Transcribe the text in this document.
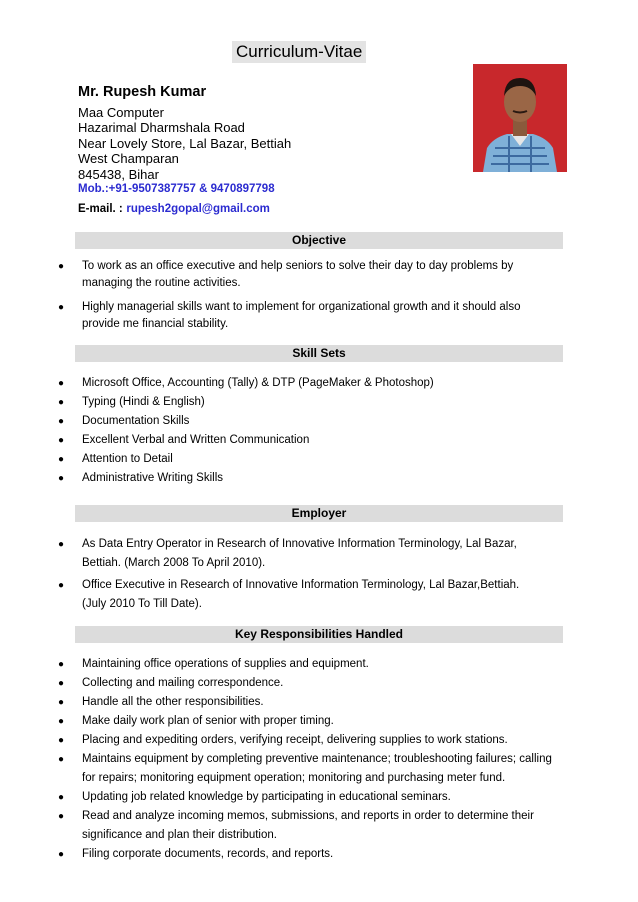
Curriculum-Vitae
Mr. Rupesh Kumar
Maa Computer
Hazarimal Dharmshala Road
Near Lovely Store, Lal Bazar, Bettiah
West Champaran
845438, Bihar
Mob.:+91-9507387757 & 9470897798
E-mail. : rupesh2gopal@gmail.com
Objective
● To work as an office executive and help seniors to solve their day to day problems by managing the routine activities.
● Highly managerial skills want to implement for organizational growth and it should also provide me financial stability.
Skill Sets
● Microsoft Office, Accounting (Tally) & DTP (PageMaker & Photoshop)
● Typing (Hindi & English)
● Documentation Skills
● Excellent Verbal and Written Communication
● Attention to Detail
● Administrative Writing Skills
Employer
● As Data Entry Operator in Research of Innovative Information Terminology, Lal Bazar, Bettiah. (March 2008 To April 2010).
● Office Executive in Research of Innovative Information Terminology, Lal Bazar,Bettiah. (July 2010 To Till Date).
Key Responsibilities Handled
● Maintaining office operations of supplies and equipment.
● Collecting and mailing correspondence.
● Handle all the other responsibilities.
● Make daily work plan of senior with proper timing.
● Placing and expediting orders, verifying receipt, delivering supplies to work stations.
● Maintains equipment by completing preventive maintenance; troubleshooting failures; calling for repairs; monitoring equipment operation; monitoring and purchasing meter fund.
● Updating job related knowledge by participating in educational seminars.
● Read and analyze incoming memos, submissions, and reports in order to determine their significance and plan their distribution.
● Filing corporate documents, records, and reports.
